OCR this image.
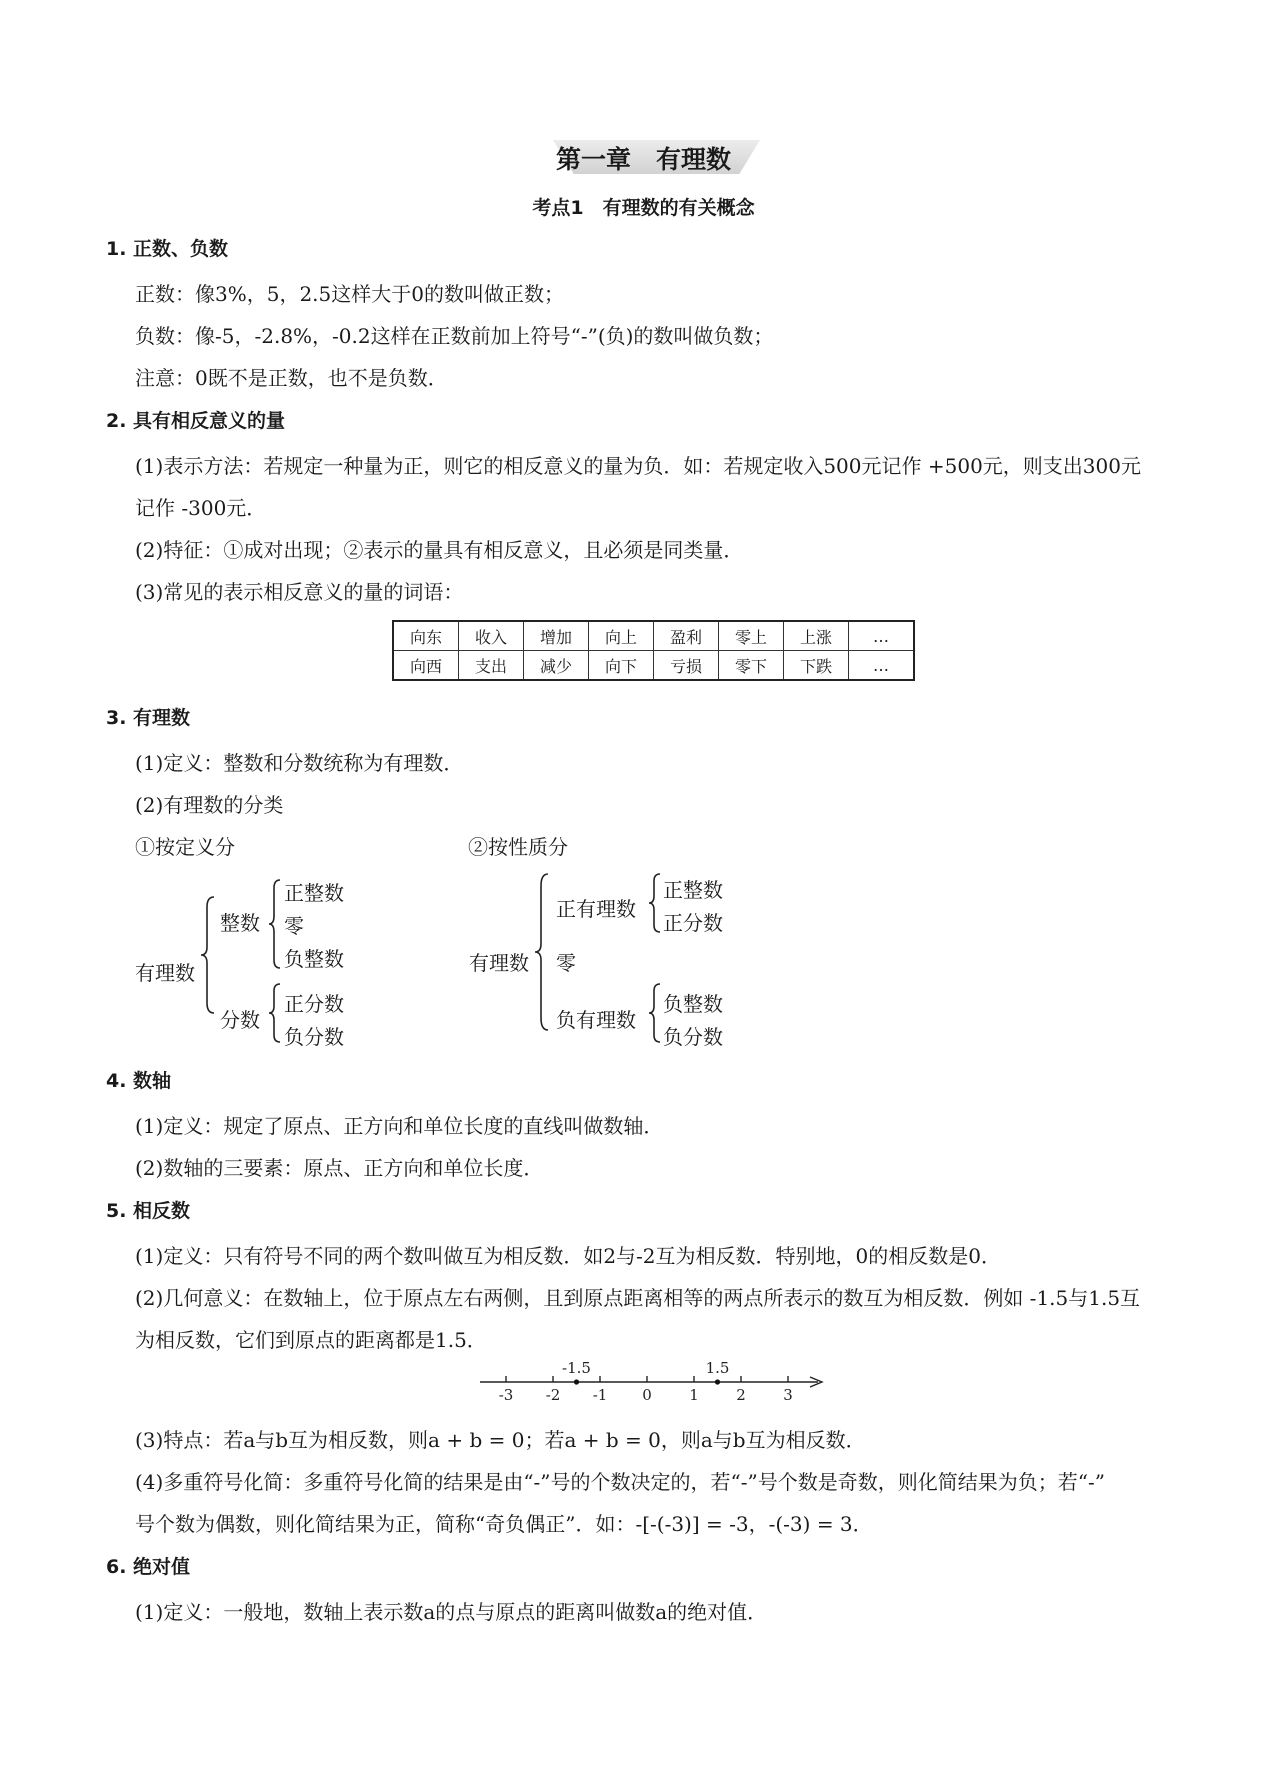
第一章　有理数
考点1　有理数的有关概念
1. 正数、负数
正数：像3%，5，2.5这样大于0的数叫做正数；
负数：像-5，-2.8%，-0.2这样在正数前加上符号“-”(负)的数叫做负数；
注意：0既不是正数，也不是负数．
2. 具有相反意义的量
(1)表示方法：若规定一种量为正，则它的相反意义的量为负．如：若规定收入500元记作 +500元，则支出300元
记作 -300元．
(2)特征：①成对出现；②表示的量具有相反意义，且必须是同类量．
(3)常见的表示相反意义的量的词语：
向东	收入	增加	向上	盈利	零上	上涨	…
向西	支出	减少	向下	亏损	零下	下跌	…
3. 有理数
(1)定义：整数和分数统称为有理数．
(2)有理数的分类
①按定义分	②按性质分
有理数
整数
正整数
零
负整数
分数
正分数
负分数
有理数
正有理数
正整数
正分数
零
负有理数
负整数
负分数
4. 数轴
(1)定义：规定了原点、正方向和单位长度的直线叫做数轴．
(2)数轴的三要素：原点、正方向和单位长度．
5. 相反数
(1)定义：只有符号不同的两个数叫做互为相反数．如2与-2互为相反数．特别地，0的相反数是0．
(2)几何意义：在数轴上，位于原点左右两侧，且到原点距离相等的两点所表示的数互为相反数．例如 -1.5与1.5互
为相反数，它们到原点的距离都是1.5．
-3 -2 -1 0 1 2 3
-1.5	1.5
(3)特点：若a与b互为相反数，则a + b = 0；若a + b = 0，则a与b互为相反数．
(4)多重符号化简：多重符号化简的结果是由“-”号的个数决定的，若“-”号个数是奇数，则化简结果为负；若“-”
号个数为偶数，则化简结果为正，简称“奇负偶正”．如：-[-(-3)] = -3，-(-3) = 3．
6. 绝对值
(1)定义：一般地，数轴上表示数a的点与原点的距离叫做数a的绝对值．
